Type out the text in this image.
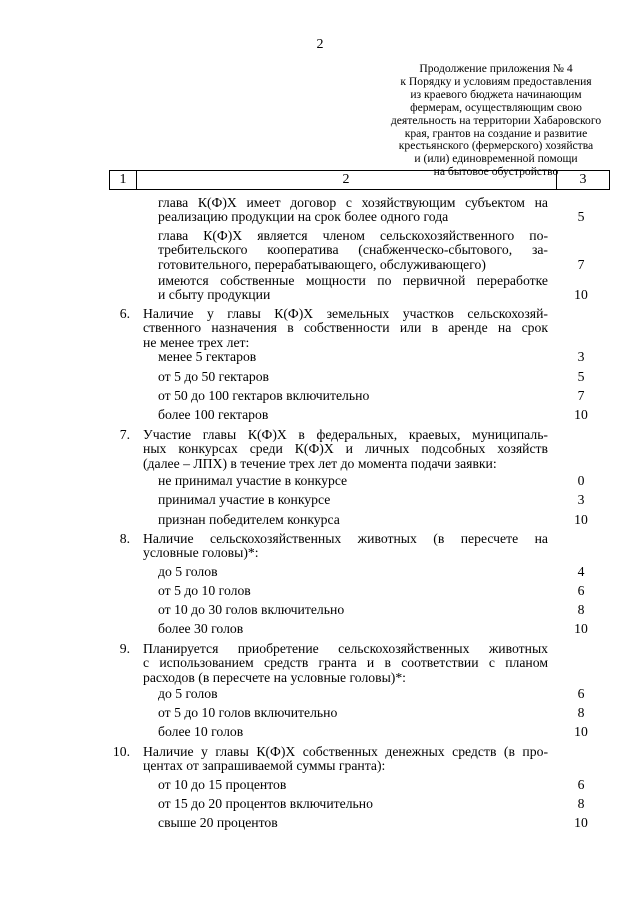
2
Продолжение приложения № 4
к Порядку и условиям предоставления
из краевого бюджета начинающим
фермерам, осуществляющим свою
деятельность на территории Хабаровского
края, грантов на создание и развитие
крестьянского (фермерского) хозяйства
и (или) единовременной помощи
на бытовое обустройство
1	2	3
глава К(Ф)Х имеет договор с хозяйствующим субъектом на
реализацию продукции на срок более одного года	5
глава К(Ф)Х является членом сельскохозяйственного по-
требительского кооператива (снабженческо-сбытового, за-
готовительного, перерабатывающего, обслуживающего)	7
имеются собственные мощности по первичной переработке
и сбыту продукции	10
6. Наличие у главы К(Ф)Х земельных участков сельскохозяй-
ственного назначения в собственности или в аренде на срок
не менее трех лет:
менее 5 гектаров	3
от 5 до 50 гектаров	5
от 50 до 100 гектаров включительно	7
более 100 гектаров	10
7. Участие главы К(Ф)Х в федеральных, краевых, муниципаль-
ных конкурсах среди К(Ф)Х и личных подсобных хозяйств
(далее – ЛПХ) в течение трех лет до момента подачи заявки:
не принимал участие в конкурсе	0
принимал участие в конкурсе	3
признан победителем конкурса	10
8. Наличие сельскохозяйственных животных (в пересчете на
условные головы)*:
до 5 голов	4
от 5 до 10 голов	6
от 10 до 30 голов включительно	8
более 30 голов	10
9. Планируется приобретение сельскохозяйственных животных
с использованием средств гранта и в соответствии с планом
расходов (в пересчете на условные головы)*:
до 5 голов	6
от 5 до 10 голов включительно	8
более 10 голов	10
10. Наличие у главы К(Ф)Х собственных денежных средств (в про-
центах от запрашиваемой суммы гранта):
от 10 до 15 процентов	6
от 15 до 20 процентов включительно	8
свыше 20 процентов	10
